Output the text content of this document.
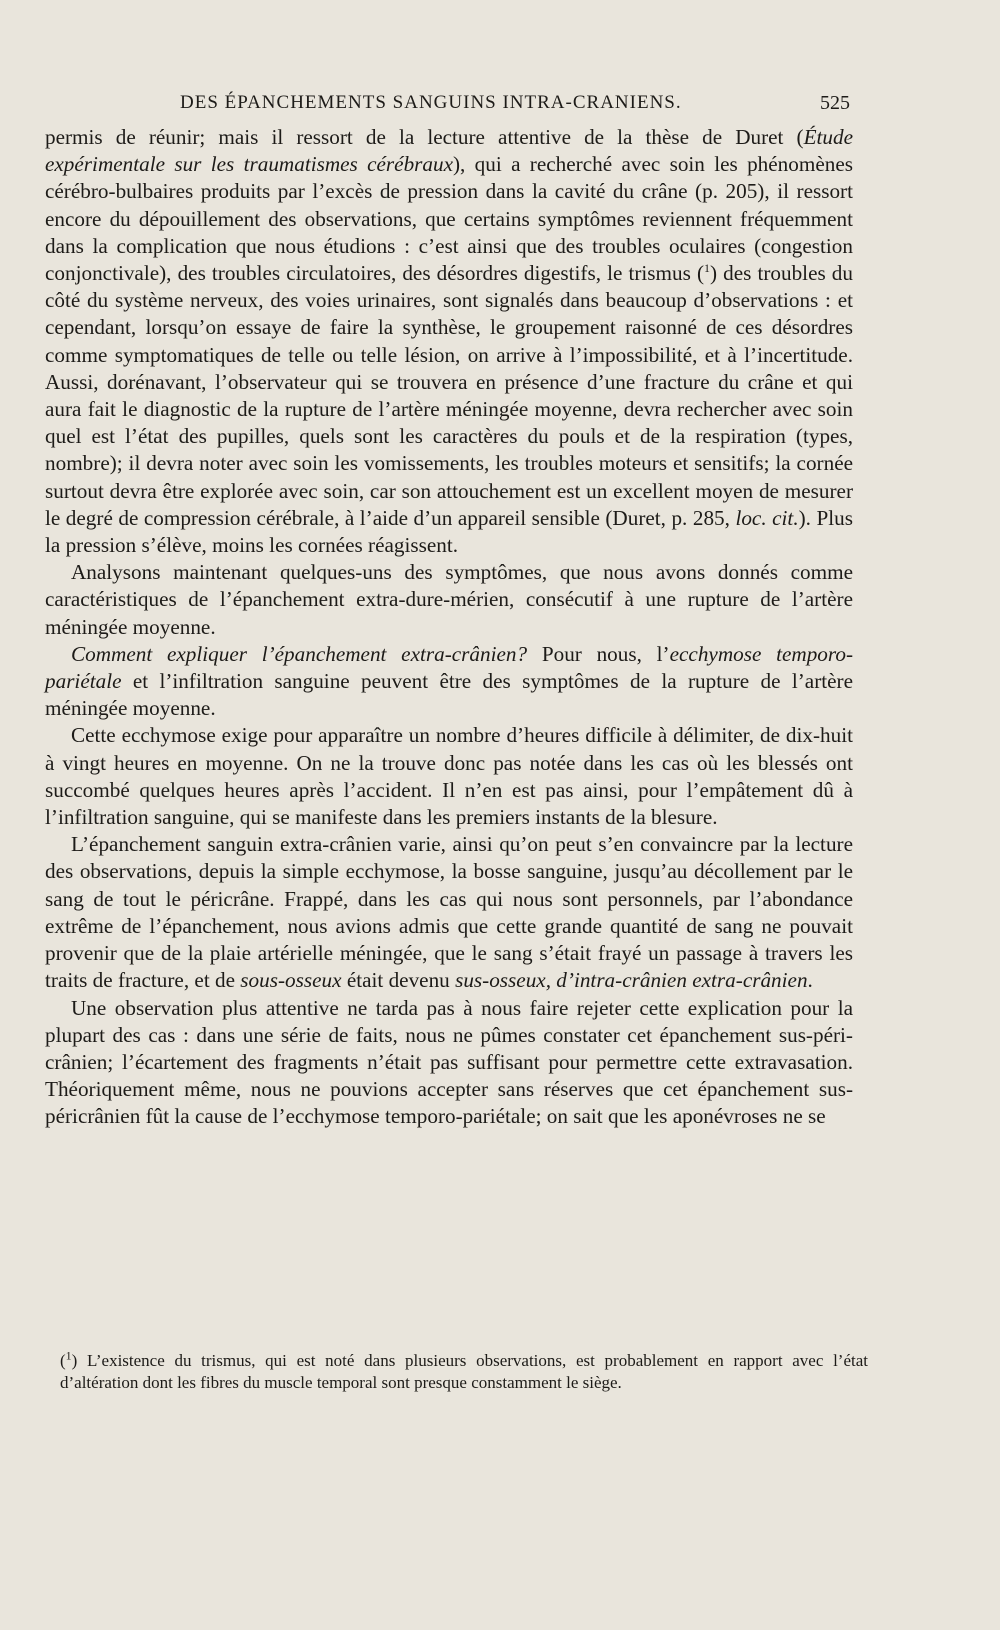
DES ÉPANCHEMENTS SANGUINS INTRA-CRANIENS.	525

permis de réunir; mais il ressort de la lecture attentive de la thèse de Duret (Étude expérimentale sur les traumatismes cérébraux), qui a recherché avec soin les phénomènes cérébro-bulbaires produits par l’excès de pression dans la cavité du crâne (p. 205), il ressort encore du dépouillement des observations, que certains symptômes reviennent fréquemment dans la complication que nous étudions : c’est ainsi que des troubles oculaires (congestion conjonctivale), des troubles circulatoires, des désordres digestifs, le trismus ($^1$) des troubles du côté du système nerveux, des voies urinaires, sont signalés dans beaucoup d’observations : et cependant, lorsqu’on essaye de faire la synthèse, le groupement raisonné de ces désordres comme symptomatiques de telle ou telle lésion, on arrive à l’impossibilité, et à l’incertitude. Aussi, dorénavant, l’observateur qui se trouvera en présence d’une fracture du crâne et qui aura fait le diagnostic de la rupture de l’artère méningée moyenne, devra rechercher avec soin quel est l’état des pupilles, quels sont les caractères du pouls et de la respiration (types, nombre); il devra noter avec soin les vomissements, les troubles moteurs et sensitifs; la cornée surtout devra être explorée avec soin, car son attouchement est un excellent moyen de mesurer le degré de compression cérébrale, à l’aide d’un appareil sensible (Duret, p. 285, loc. cit.). Plus la pression s’élève, moins les cornées réagissent.

Analysons maintenant quelques-uns des symptômes, que nous avons donnés comme caractéristiques de l’épanchement extra-dure-mérien, consécutif à une rupture de l’artère méningée moyenne.

Comment expliquer l’épanchement extra-crânien? Pour nous, l’ecchymose temporo-pariétale et l’infiltration sanguine peuvent être des symptômes de la rupture de l’artère méningée moyenne.

Cette ecchymose exige pour apparaître un nombre d’heures difficile à délimiter, de dix-huit à vingt heures en moyenne. On ne la trouve donc pas notée dans les cas où les blessés ont succombé quelques heures après l’accident. Il n’en est pas ainsi, pour l’empâtement dû à l’infiltration sanguine, qui se manifeste dans les premiers instants de la blesure.

L’épanchement sanguin extra-crânien varie, ainsi qu’on peut s’en convaincre par la lecture des observations, depuis la simple ecchymose, la bosse sanguine, jusqu’au décollement par le sang de tout le péricrâne. Frappé, dans les cas qui nous sont personnels, par l’abondance extrême de l’épanchement, nous avions admis que cette grande quantité de sang ne pouvait provenir que de la plaie artérielle méningée, que le sang s’était frayé un passage à travers les traits de fracture, et de sous-osseux était devenu sus-osseux, d’intra-crânien extra-crânien.

Une observation plus attentive ne tarda pas à nous faire rejeter cette explication pour la plupart des cas : dans une série de faits, nous ne pûmes constater cet épanchement sus-péri-crânien; l’écartement des fragments n’était pas suffisant pour permettre cette extravasation. Théoriquement même, nous ne pouvions accepter sans réserves que cet épanchement sus-péricrânien fût la cause de l’ecchymose temporo-pariétale; on sait que les aponévroses ne se

($^1$) L’existence du trismus, qui est noté dans plusieurs observations, est probablement en rapport avec l’état d’altération dont les fibres du muscle temporal sont presque constamment le siège.
